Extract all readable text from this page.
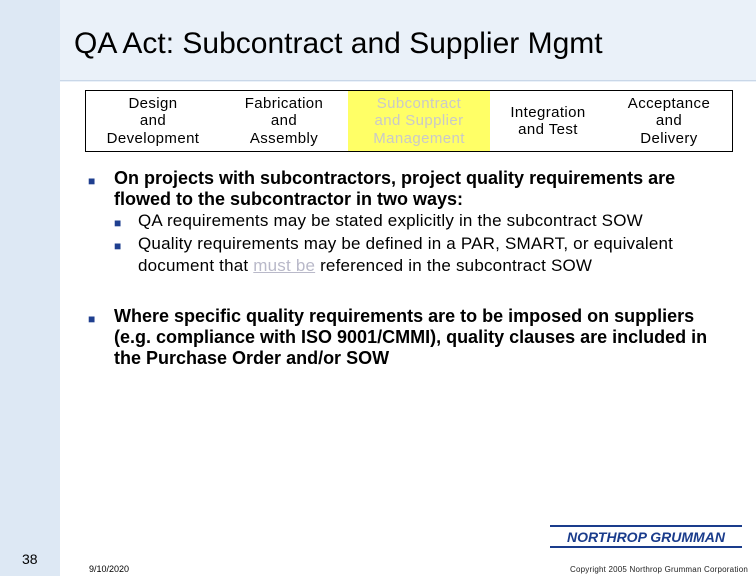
QA Act: Subcontract and Supplier Mgmt
Design
and
Development
Fabrication
and
Assembly
Subcontract
and Supplier
Management
Integration
and Test
Acceptance
and
Delivery
■ On projects with subcontractors, project quality requirements are flowed to the subcontractor in two ways:
■ QA requirements may be stated explicitly in the subcontract SOW
■ Quality requirements may be defined in a PAR, SMART, or equivalent document that must be referenced in the subcontract SOW
■ Where specific quality requirements are to be imposed on suppliers (e.g. compliance with ISO 9001/CMMI), quality clauses are included in the Purchase Order and/or SOW
NORTHROP GRUMMAN
38
9/10/2020	Copyright 2005 Northrop Grumman Corporation
